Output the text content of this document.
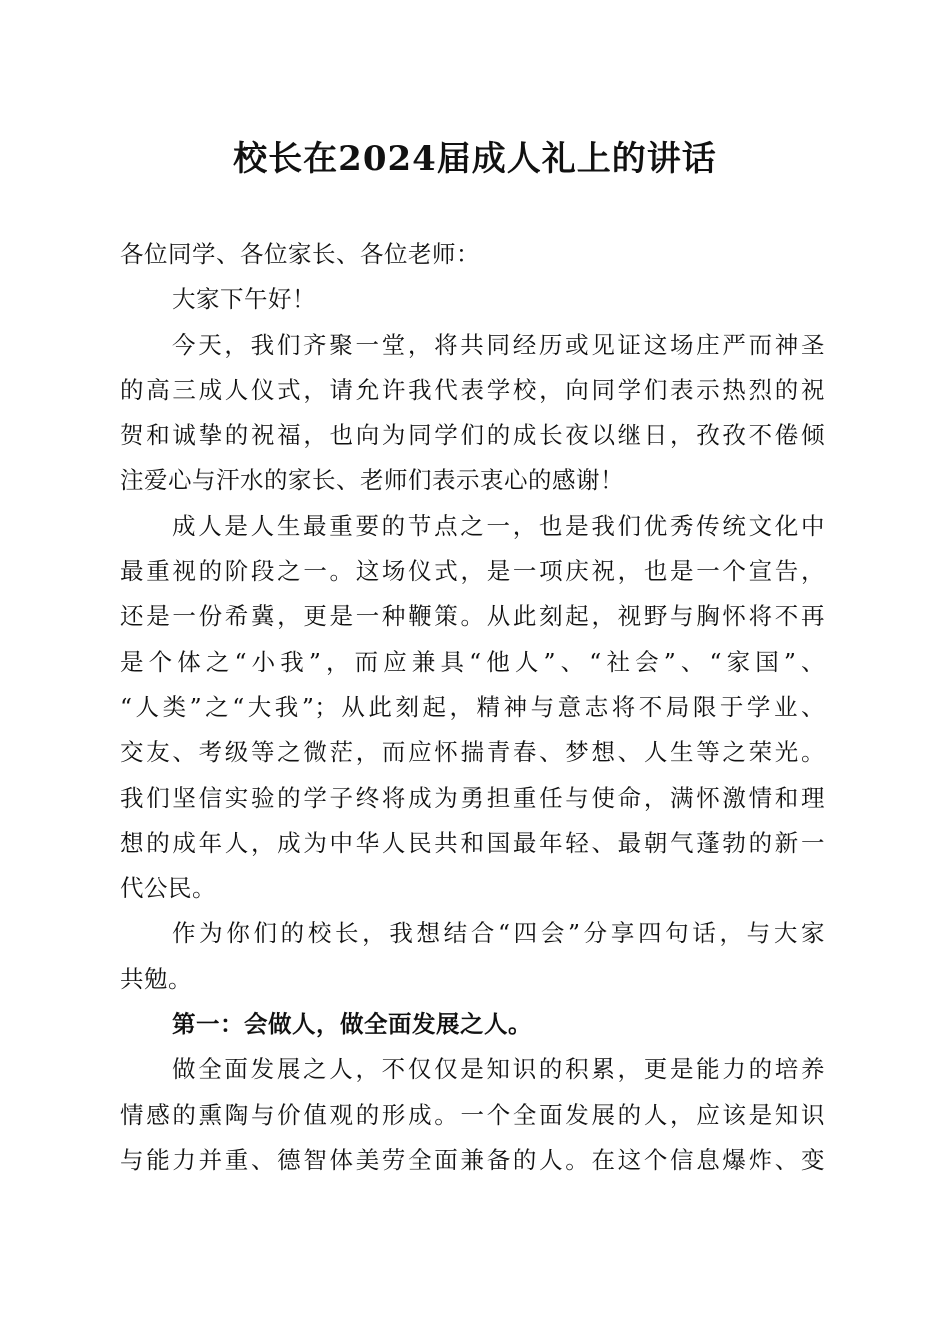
校长在2024届成人礼上的讲话
各位同学、各位家长、各位老师：
大家下午好！
今天，我们齐聚一堂，将共同经历或见证这场庄严而神圣
的高三成人仪式，请允许我代表学校，向同学们表示热烈的祝
贺和诚挚的祝福，也向为同学们的成长夜以继日，孜孜不倦倾
注爱心与汗水的家长、老师们表示衷心的感谢！
成人是人生最重要的节点之一，也是我们优秀传统文化中
最重视的阶段之一。这场仪式，是一项庆祝，也是一个宣告，
还是一份希冀，更是一种鞭策。从此刻起，视野与胸怀将不再
是个体之“小我”，而应兼具“他人”、“社会”、“家国”、
“人类”之“大我”；从此刻起，精神与意志将不局限于学业、
交友、考级等之微茫，而应怀揣青春、梦想、人生等之荣光。
我们坚信实验的学子终将成为勇担重任与使命，满怀激情和理
想的成年人，成为中华人民共和国最年轻、最朝气蓬勃的新一
代公民。
作为你们的校长，我想结合“四会”分享四句话，与大家
共勉。
第一：会做人，做全面发展之人。
做全面发展之人，不仅仅是知识的积累，更是能力的培养
情感的熏陶与价值观的形成。一个全面发展的人，应该是知识
与能力并重、德智体美劳全面兼备的人。在这个信息爆炸、变
